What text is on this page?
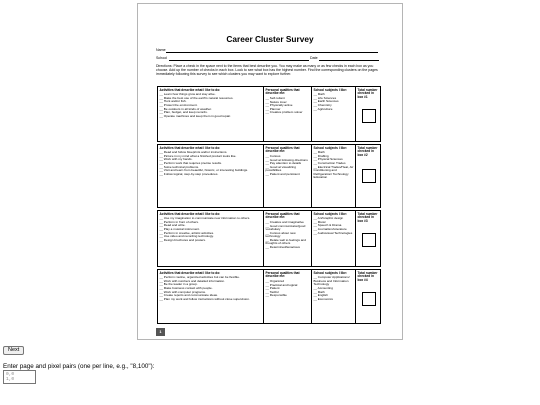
Career Cluster Survey
Name
School	Date
Directions: Place a check in the space next to the items that best describe you. You may make as many or as few checks in each box as you choose. Add up the number of checks in each box. Look to see what box has the highest number. Find the corresponding clusters on the pages immediately following this survey to see which clusters you may want to explore further.
Activities that describe what I like to do:
__ Learn how things grow and stay alive.
__ Make the best use of the earth's natural resources.
__ Hunt and/or fish.
__ Protect the environment.
__ Be outdoors in all kinds of weather.
__ Plan, budget, and keep records.
__ Operate machines and keep them in good repair.
Personal qualities that describe me:
__ Self-reliant
__ Nature lover
__ Physically active
__ Planner
__ Creative problem solver
School subjects I like:
__ Math
__ Life Sciences
__ Earth Sciences
__ Chemistry
__ Agriculture
Total number checked in box #1
Activities that describe what I like to do:
__ Read and follow blueprints and/or instructions.
__ Picture in my mind what a finished product looks like.
__ Work with my hands.
__ Perform work that requires precise results.
__ Solve technical problems.
__ Visit and learn from beautiful, historic, or interesting buildings.
__ Follow logical, step-by-step procedures.
Personal qualities that describe me:
__ Curious
__ Good at following directions
__ Pay attention to details
__ Good at visualizing possibilities
__ Patient and persistent
School subjects I like:
__ Math
__ Drafting
__ Physical Sciences
__ Construction Trades
__ Electrical Trades/Heat, Air Conditioning and Refrigeration/ Technology Education
Total number checked in box #2
Activities that describe what I like to do:
__ Use my imagination to communicate new information to others.
__ Perform in front of others.
__ Read and write.
__ Play a musical instrument.
__ Perform in creative, artistic activities.
__ Use video and recording technology.
__ Design brochures and posters.
Personal qualities that describe me:
__ Creative and imaginative
__ Good communicator/good vocabulary
__ Curious about new technology
__ Relate well to feelings and thoughts of others
__ Determined/tenacious
School subjects I like:
__ Art/Graphic design
__ Music
__ Speech & Drama
__ Journalism/Literature
__ Audiovisual Technologies
Total number checked in box #3
Activities that describe what I like to do:
__ Perform routine, organized activities but can be flexible.
__ Work with numbers and detailed information.
__ Be the leader in a group.
__ Make business contact with people.
__ Work with computer programs.
__ Create reports and communicate ideas.
__ Plan my work and follow instructions without close supervision.
Personal qualities that describe me:
__ Organized
__ Practical and logical
__ Patient
__ Tactful
__ Responsible
School subjects I like:
__ Computer Applications/ Business and Information Technology
__ Accounting
__ Math
__ English
__ Economics
Total number checked in box #4
1
Next
Enter page and pixel pairs (one per line, e.g., "8,100"):
0,0 1,0
